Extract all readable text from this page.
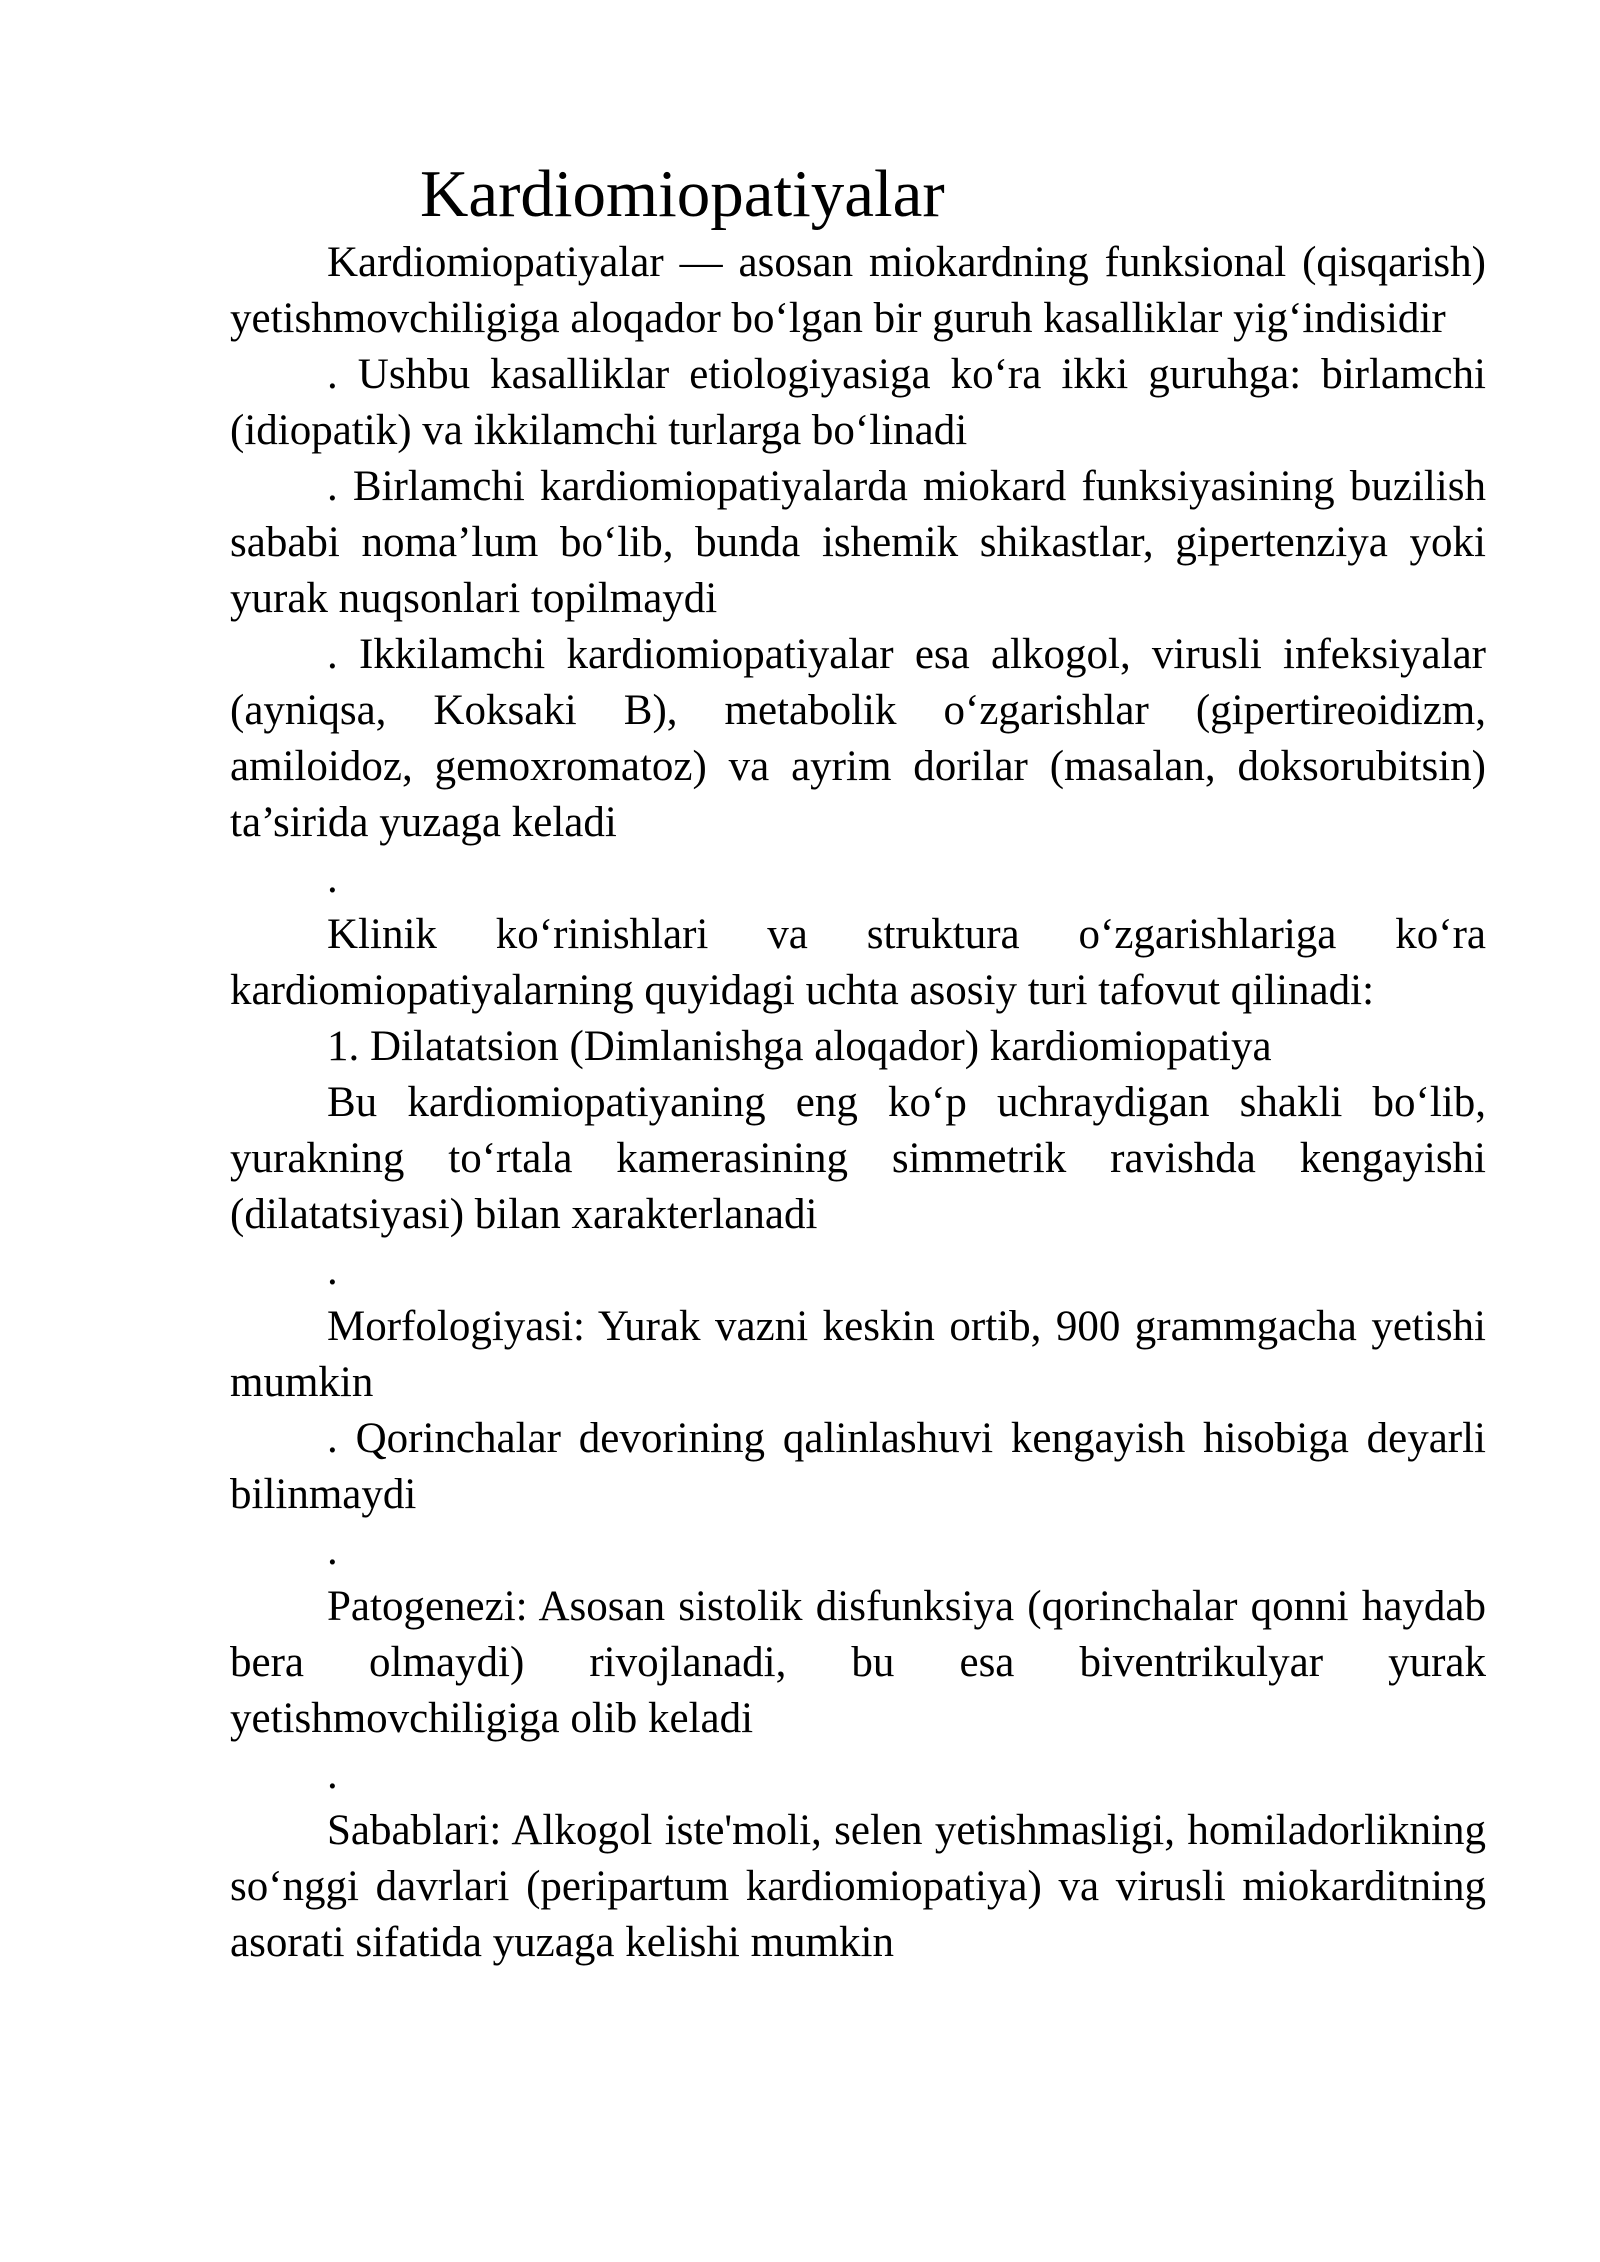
Kardiomiopatiyalar

Kardiomiopatiyalar — asosan miokardning funksional (qisqarish) yetishmovchiligiga aloqador bo‘lgan bir guruh kasalliklar yig‘indisidir

. Ushbu kasalliklar etiologiyasiga ko‘ra ikki guruhga: birlamchi (idiopatik) va ikkilamchi turlarga bo‘linadi

. Birlamchi kardiomiopatiyalarda miokard funksiyasining buzilish sababi noma’lum bo‘lib, bunda ishemik shikastlar, gipertenziya yoki yurak nuqsonlari topilmaydi

. Ikkilamchi kardiomiopatiyalar esa alkogol, virusli infeksiyalar (ayniqsa, Koksaki B), metabolik o‘zgarishlar (gipertireoidizm, amiloidoz, gemoxromatoz) va ayrim dorilar (masalan, doksorubitsin) ta’sirida yuzaga keladi

.

Klinik ko‘rinishlari va struktura o‘zgarishlariga ko‘ra kardiomiopatiyalarning quyidagi uchta asosiy turi tafovut qilinadi:

1. Dilatatsion (Dimlanishga aloqador) kardiomiopatiya

Bu kardiomiopatiyaning eng ko‘p uchraydigan shakli bo‘lib, yurakning to‘rtala kamerasining simmetrik ravishda kengayishi (dilatatsiyasi) bilan xarakterlanadi

.

Morfologiyasi: Yurak vazni keskin ortib, 900 grammgacha yetishi mumkin

. Qorinchalar devorining qalinlashuvi kengayish hisobiga deyarli bilinmaydi

.

Patogenezi: Asosan sistolik disfunksiya (qorinchalar qonni haydab bera olmaydi) rivojlanadi, bu esa biventrikulyar yurak yetishmovchiligiga olib keladi

.

Sabablari: Alkogol iste'moli, selen yetishmasligi, homiladorlikning so‘nggi davrlari (peripartum kardiomiopatiya) va virusli miokarditning asorati sifatida yuzaga kelishi mumkin
